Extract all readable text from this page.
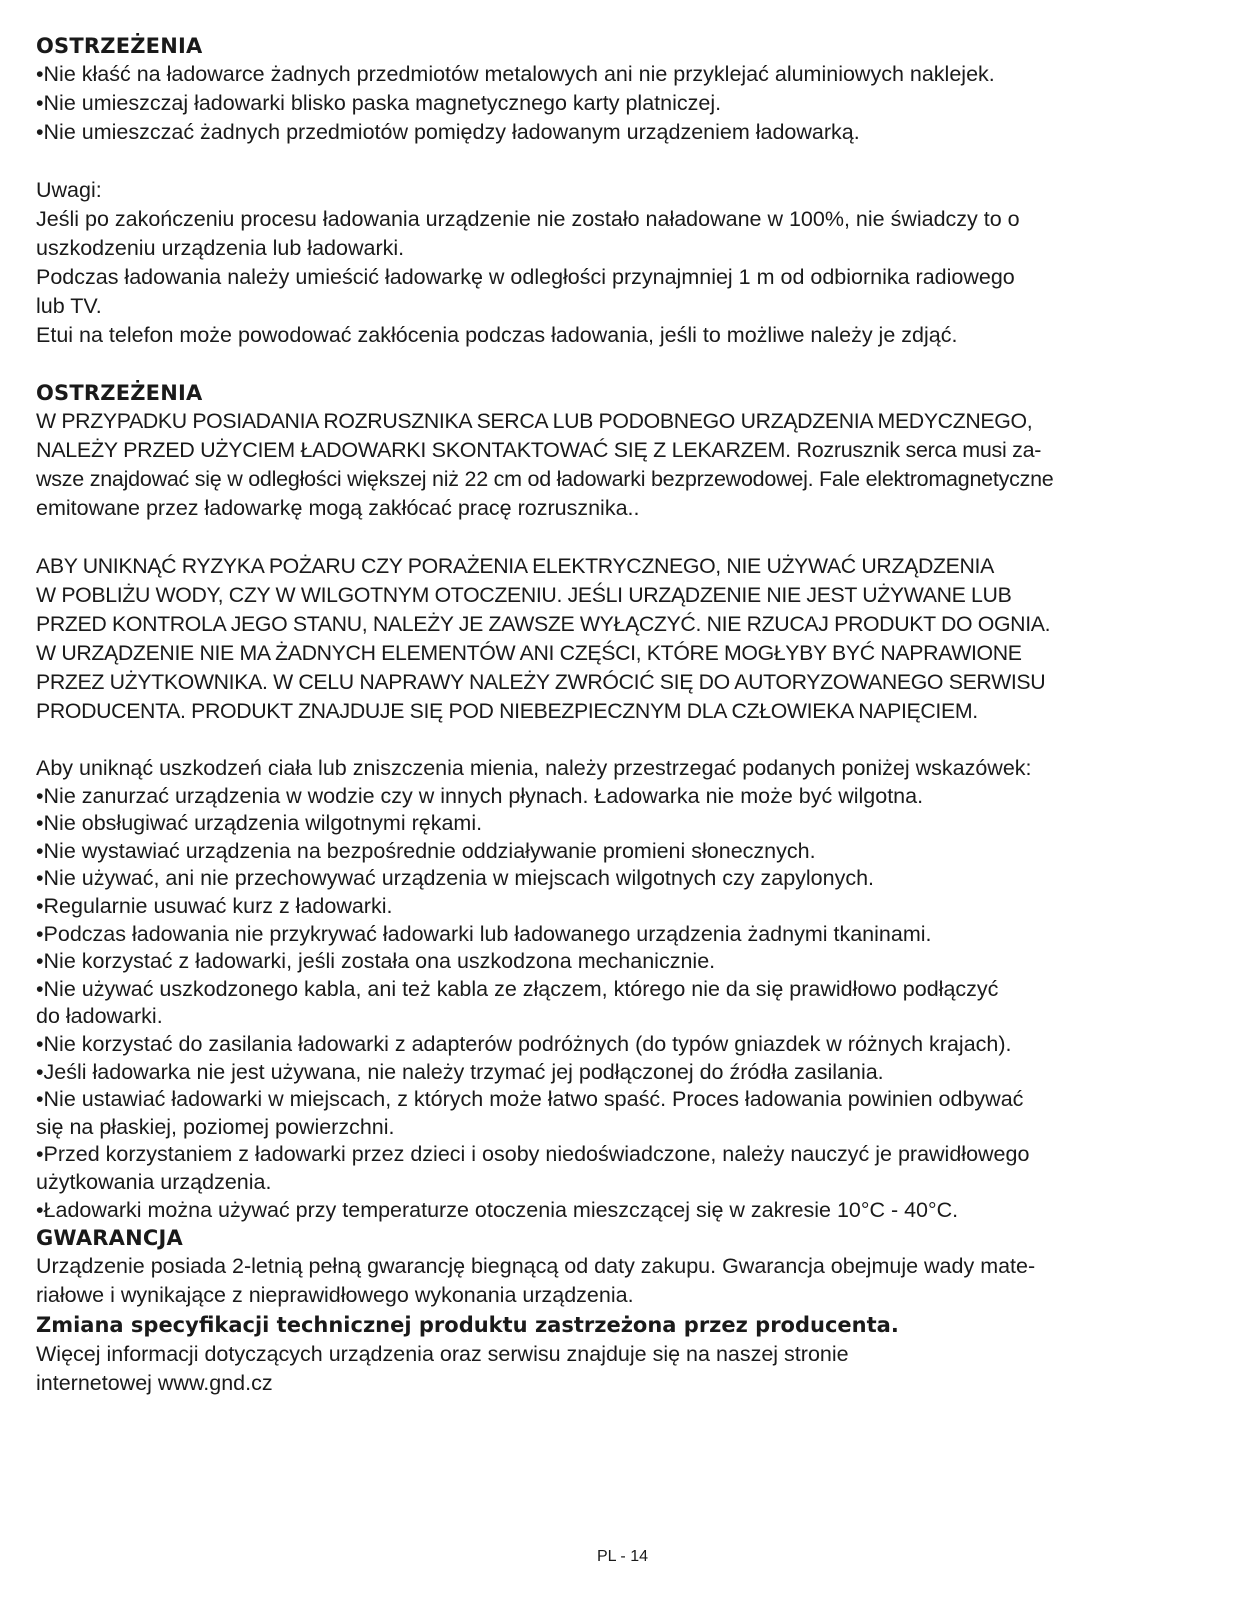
OSTRZEŻENIA
•Nie kłaść na ładowarce żadnych przedmiotów metalowych ani nie przyklejać aluminiowych naklejek.
•Nie umieszczaj ładowarki blisko paska magnetycznego karty platniczej.
•Nie umieszczać żadnych przedmiotów pomiędzy ładowanym urządzeniem ładowarką.
Uwagi:
Jeśli po zakończeniu procesu ładowania urządzenie nie zostało naładowane w 100%, nie świadczy to o
uszkodzeniu urządzenia lub ładowarki.
Podczas ładowania należy umieścić ładowarkę w odległości przynajmniej 1 m od odbiornika radiowego
lub TV.
Etui na telefon może powodować zakłócenia podczas ładowania, jeśli to możliwe należy je zdjąć.
OSTRZEŻENIA
W PRZYPADKU POSIADANIA ROZRUSZNIKA SERCA LUB PODOBNEGO URZĄDZENIA MEDYCZNEGO,
NALEŻY PRZED UŻYCIEM ŁADOWARKI SKONTAKTOWAĆ SIĘ Z LEKARZEM. Rozrusznik serca musi za-
wsze znajdować się w odległości większej niż 22 cm od ładowarki bezprzewodowej. Fale elektromagnetyczne
emitowane przez ładowarkę mogą zakłócać pracę rozrusznika..
ABY UNIKNĄĆ RYZYKA POŻARU CZY PORAŻENIA ELEKTRYCZNEGO, NIE UŻYWAĆ URZĄDZENIA
W POBLIŻU WODY, CZY W WILGOTNYM OTOCZENIU. JEŚLI URZĄDZENIE NIE JEST UŻYWANE LUB
PRZED KONTROLA JEGO STANU, NALEŻY JE ZAWSZE WYŁĄCZYĆ. NIE RZUCAJ PRODUKT DO OGNIA.
W URZĄDZENIE NIE MA ŻADNYCH ELEMENTÓW ANI CZĘŚCI, KTÓRE MOGŁYBY BYĆ NAPRAWIONE
PRZEZ UŻYTKOWNIKA. W CELU NAPRAWY NALEŻY ZWRÓCIĆ SIĘ DO AUTORYZOWANEGO SERWISU
PRODUCENTA. PRODUKT ZNAJDUJE SIĘ POD NIEBEZPIECZNYM DLA CZŁOWIEKA NAPIĘCIEM.
Aby uniknąć uszkodzeń ciała lub zniszczenia mienia, należy przestrzegać podanych poniżej wskazówek:
•Nie zanurzać urządzenia w wodzie czy w innych płynach. Ładowarka nie może być wilgotna.
•Nie obsługiwać urządzenia wilgotnymi rękami.
•Nie wystawiać urządzenia na bezpośrednie oddziaływanie promieni słonecznych.
•Nie używać, ani nie przechowywać urządzenia w miejscach wilgotnych czy zapylonych.
•Regularnie usuwać kurz z ładowarki.
•Podczas ładowania nie przykrywać ładowarki lub ładowanego urządzenia żadnymi tkaninami.
•Nie korzystać z ładowarki, jeśli została ona uszkodzona mechanicznie.
•Nie używać uszkodzonego kabla, ani też kabla ze złączem, którego nie da się prawidłowo podłączyć
do ładowarki.
•Nie korzystać do zasilania ładowarki z adapterów podróżnych (do typów gniazdek w różnych krajach).
•Jeśli ładowarka nie jest używana, nie należy trzymać jej podłączonej do źródła zasilania.
•Nie ustawiać ładowarki w miejscach, z których może łatwo spaść. Proces ładowania powinien odbywać
się na płaskiej, poziomej powierzchni.
•Przed korzystaniem z ładowarki przez dzieci i osoby niedoświadczone, należy nauczyć je prawidłowego
użytkowania urządzenia.
•Ładowarki można używać przy temperaturze otoczenia mieszczącej się w zakresie 10°C - 40°C.
GWARANCJA
Urządzenie posiada 2-letnią pełną gwarancję biegnącą od daty zakupu. Gwarancja obejmuje wady mate-
riałowe i wynikające z nieprawidłowego wykonania urządzenia.
Zmiana specyfikacji technicznej produktu zastrzeżona przez producenta.
Więcej informacji dotyczących urządzenia oraz serwisu znajduje się na naszej stronie
internetowej www.gnd.cz
PL - 14
